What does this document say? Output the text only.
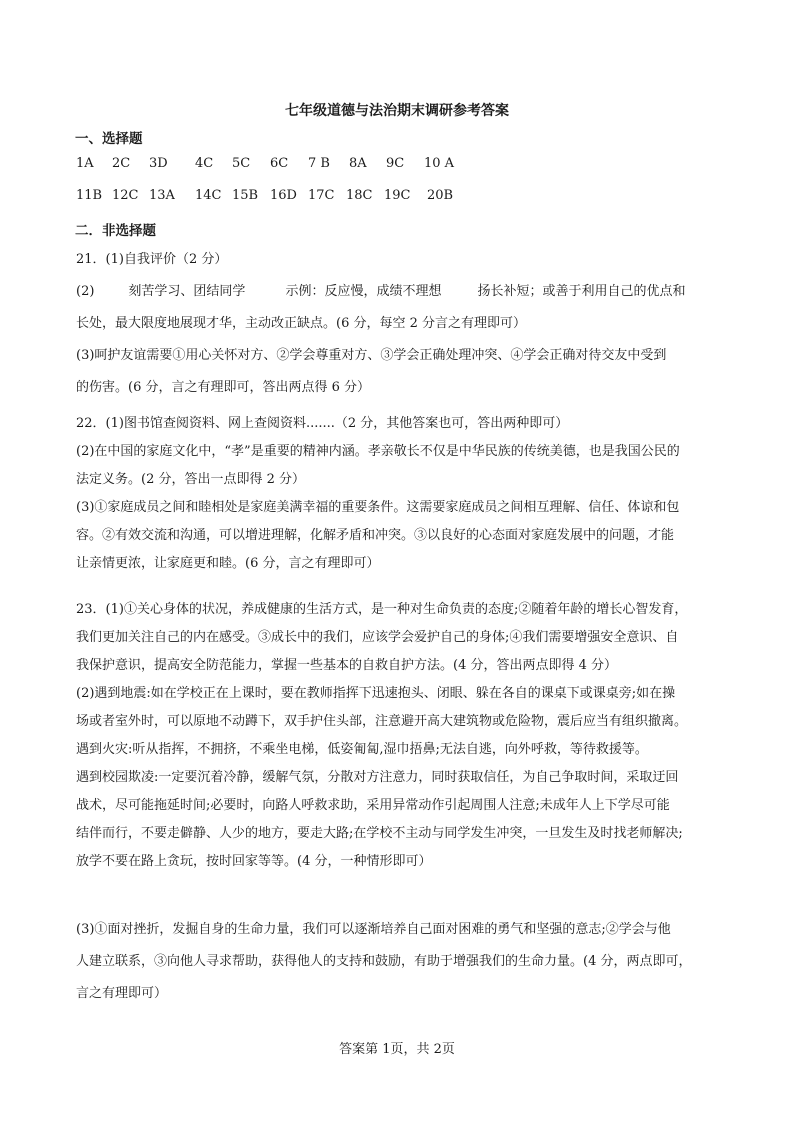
七年级道德与法治期末调研参考答案
一、选择题
1A 2C 3D 4C 5C 6C 7 B 8A 9C 10 A
11B 12C 13A 14C 15B 16D 17C 18C 19C 20B
二．非选择题
21．(1)自我评价（2 分）
(2)	刻苦学习、团结同学	示例：反应慢，成绩不理想	扬长补短；或善于利用自己的优点和
长处，最大限度地展现才华，主动改正缺点。(6 分，每空 2 分言之有理即可）
(3)呵护友谊需要①用心关怀对方、②学会尊重对方、③学会正确处理冲突、④学会正确对待交友中受到
的伤害。(6 分，言之有理即可，答出两点得 6 分）
22．(1)图书馆查阅资料、网上查阅资料.......（2 分，其他答案也可，答出两种即可）
(2)在中国的家庭文化中，“孝”是重要的精神内涵。孝亲敬长不仅是中华民族的传统美德，也是我国公民的
法定义务。(2 分，答出一点即得 2 分）
(3)①家庭成员之间和睦相处是家庭美满幸福的重要条件。这需要家庭成员之间相互理解、信任、体谅和包
容。②有效交流和沟通，可以增进理解，化解矛盾和冲突。③以良好的心态面对家庭发展中的问题，才能
让亲情更浓，让家庭更和睦。(6 分，言之有理即可）
23．(1)①关心身体的状况，养成健康的生活方式，是一种对生命负责的态度;②随着年龄的增长心智发育，
我们更加关注自己的内在感受。③成长中的我们，应该学会爱护自己的身体;④我们需要增强安全意识、自
我保护意识，提高安全防范能力，掌握一些基本的自救自护方法。(4 分，答出两点即得 4 分）
(2)遇到地震:如在学校正在上课时，要在教师指挥下迅速抱头、闭眼、躲在各自的课桌下或课桌旁;如在操
场或者室外时，可以原地不动蹲下，双手护住头部，注意避开高大建筑物或危险物，震后应当有组织撤离。
遇到火灾:听从指挥，不拥挤，不乘坐电梯，低姿匍匐,湿巾捂鼻;无法自逃，向外呼救，等待救援等。
遇到校园欺凌:一定要沉着冷静，缓解气氛，分散对方注意力，同时获取信任，为自己争取时间，采取迂回
战术，尽可能拖延时间;必要时，向路人呼救求助，采用异常动作引起周围人注意;未成年人上下学尽可能
结伴而行，不要走僻静、人少的地方，要走大路;在学校不主动与同学发生冲突，一旦发生及时找老师解决;
放学不要在路上贪玩，按时回家等等。(4 分，一种情形即可）
(3)①面对挫折，发掘自身的生命力量，我们可以逐渐培养自己面对困难的勇气和坚强的意志;②学会与他
人建立联系，③向他人寻求帮助，获得他人的支持和鼓励，有助于增强我们的生命力量。(4 分，两点即可，
言之有理即可）
答案第 1页，共 2页
